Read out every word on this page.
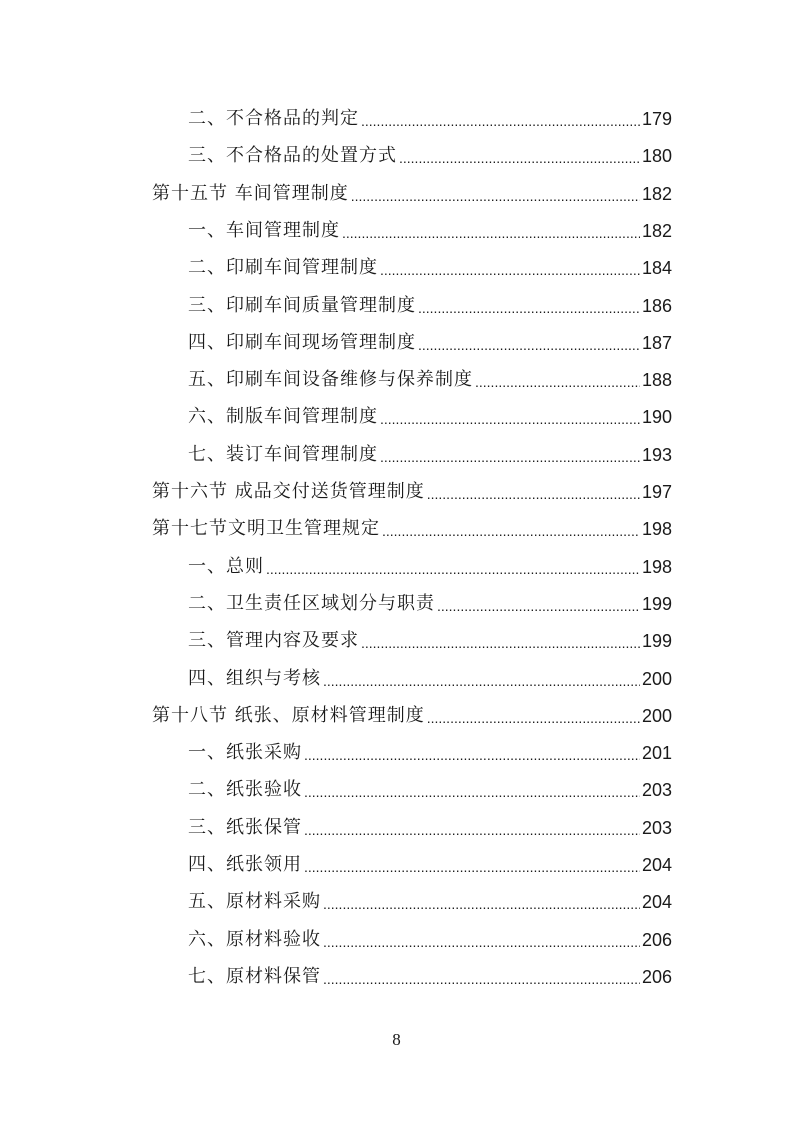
二、不合格品的判定 .....	179
三、不合格品的处置方式 .....	180
第十五节 车间管理制度 .....	182
一、车间管理制度 .....	182
二、印刷车间管理制度 .....	184
三、印刷车间质量管理制度 .....	186
四、印刷车间现场管理制度 .....	187
五、印刷车间设备维修与保养制度 .....	188
六、制版车间管理制度 .....	190
七、装订车间管理制度 .....	193
第十六节 成品交付送货管理制度 .....	197
第十七节文明卫生管理规定 .....	198
一、总则 .....	198
二、卫生责任区域划分与职责 .....	199
三、管理内容及要求 .....	199
四、组织与考核 .....	200
第十八节 纸张、原材料管理制度 .....	200
一、纸张采购 .....	201
二、纸张验收 .....	203
三、纸张保管 .....	203
四、纸张领用 .....	204
五、原材料采购 .....	204
六、原材料验收 .....	206
七、原材料保管 .....	206
8
